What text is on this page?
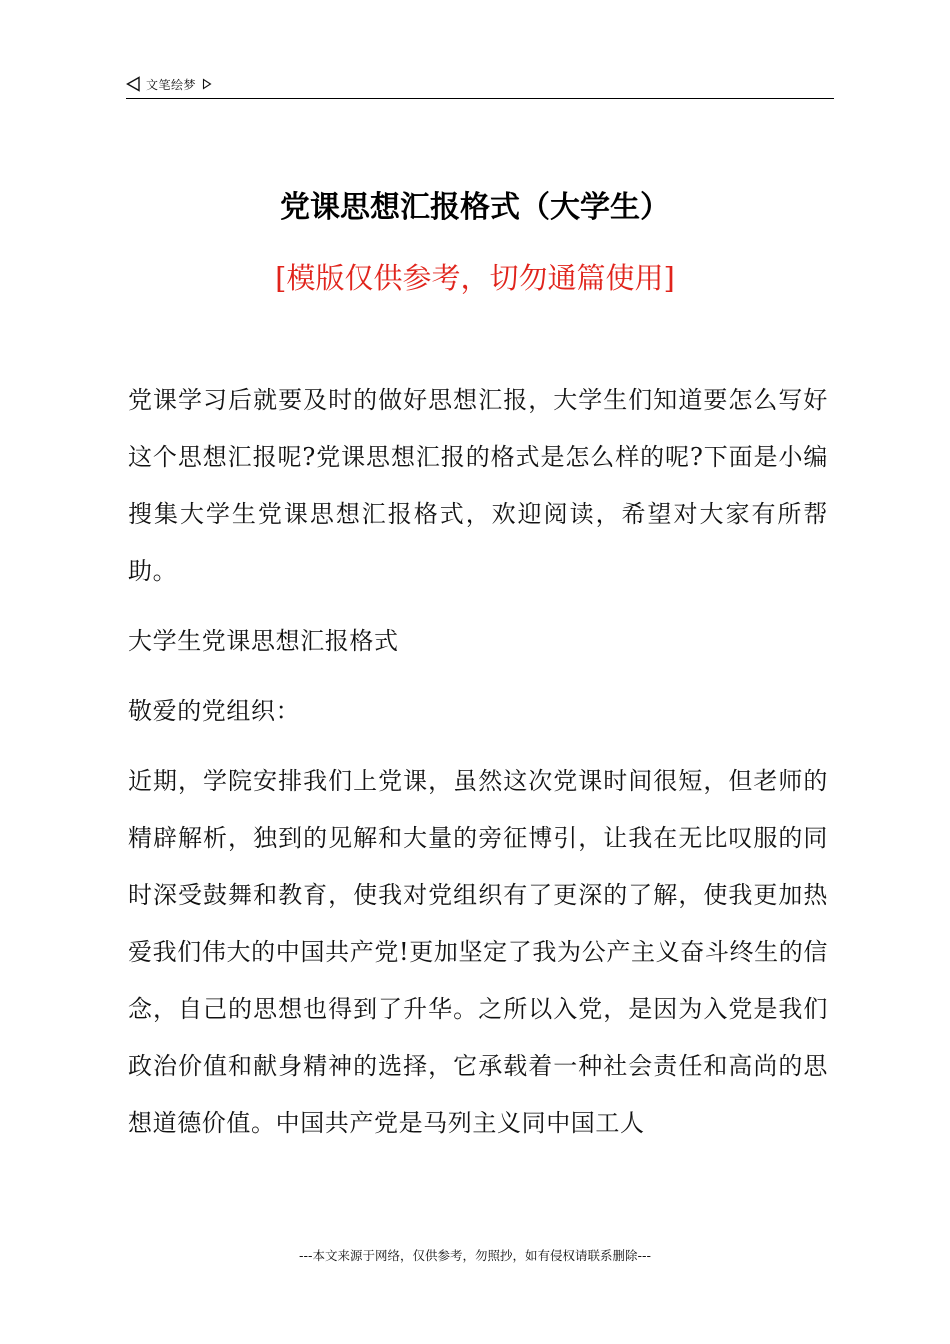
文笔绘梦
党课思想汇报格式（大学生）
[模版仅供参考，切勿通篇使用]

党课学习后就要及时的做好思想汇报，大学生们知道要怎么写好这个思想汇报呢?党课思想汇报的格式是怎么样的呢?下面是小编搜集大学生党课思想汇报格式，欢迎阅读，希望对大家有所帮助。

大学生党课思想汇报格式

敬爱的党组织：

近期，学院安排我们上党课，虽然这次党课时间很短，但老师的精辟解析，独到的见解和大量的旁征博引，让我在无比叹服的同时深受鼓舞和教育，使我对党组织有了更深的了解，使我更加热爱我们伟大的中国共产党!更加坚定了我为公产主义奋斗终生的信念，自己的思想也得到了升华。之所以入党，是因为入党是我们政治价值和献身精神的选择，它承载着一种社会责任和高尚的思想道德价值。中国共产党是马列主义同中国工人

---本文来源于网络，仅供参考，勿照抄，如有侵权请联系删除---
